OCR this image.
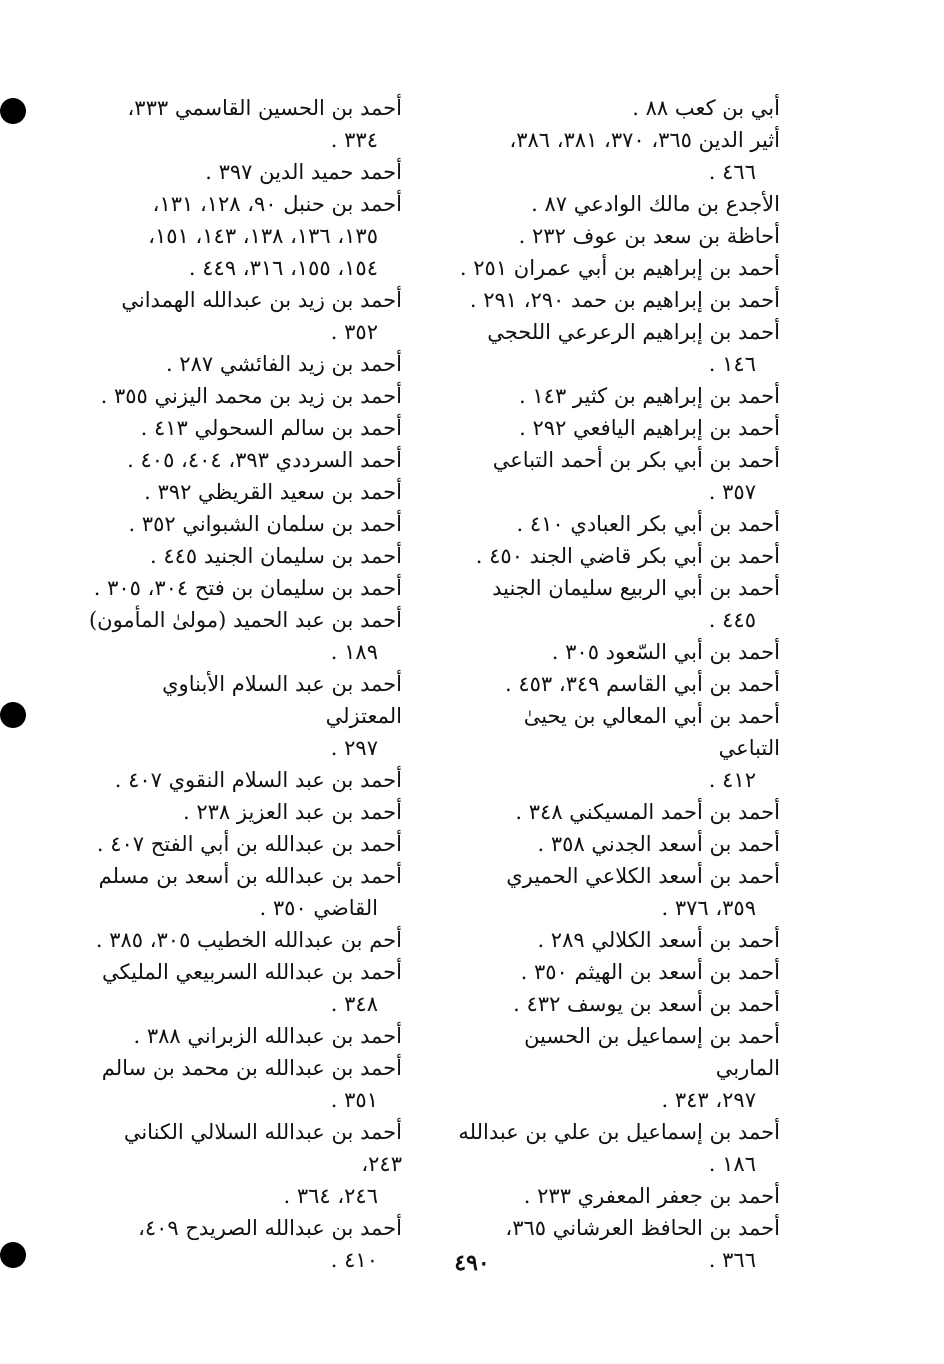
أبي بن كعب ٨٨ .
أثير الدين ٣٦٥، ٣٧٠، ٣٨١، ٣٨٦،
٤٦٦ .
الأجدع بن مالك الوادعي ٨٧ .
أحاظة بن سعد بن عوف ٢٣٢ .
أحمد بن إبراهيم بن أبي عمران ٢٥١ .
أحمد بن إبراهيم بن حمد ٢٩٠، ٢٩١ .
أحمد بن إبراهيم الرعرعي اللحجي
١٤٦ .
أحمد بن إبراهيم بن كثير ١٤٣ .
أحمد بن إبراهيم اليافعي ٢٩٢ .
أحمد بن أبي بكر بن أحمد التباعي
٣٥٧ .
أحمد بن أبي بكر العبادي ٤١٠ .
أحمد بن أبي بكر قاضي الجند ٤٥٠ .
أحمد بن أبي الربيع سليمان الجنيد
٤٤٥ .
أحمد بن أبي السّعود ٣٠٥ .
أحمد بن أبي القاسم ٣٤٩، ٤٥٣ .
أحمد بن أبي المعالي بن يحيىٰ التباعي
٤١٢ .
أحمد بن أحمد المسيكني ٣٤٨ .
أحمد بن أسعد الجدني ٣٥٨ .
أحمد بن أسعد الكلاعي الحميري
٣٥٩، ٣٧٦ .
أحمد بن أسعد الكلالي ٢٨٩ .
أحمد بن أسعد بن الهيثم ٣٥٠ .
أحمد بن أسعد بن يوسف ٤٣٢ .
أحمد بن إسماعيل بن الحسين الماربي
٢٩٧، ٣٤٣ .
أحمد بن إسماعيل بن علي بن عبدالله
١٨٦ .
أحمد بن جعفر المعفري ٢٣٣ .
أحمد بن الحافظ العرشاني ٣٦٥،
٣٦٦ .
أحمد بن الحسين القاسمي ٣٣٣،
٣٣٤ .
أحمد حميد الدين ٣٩٧ .
أحمد بن حنبل ٩٠، ١٢٨، ١٣١،
١٣٥، ١٣٦، ١٣٨، ١٤٣، ١٥١،
١٥٤، ١٥٥، ٣١٦، ٤٤٩ .
أحمد بن زيد بن عبدالله الهمداني
٣٥٢ .
أحمد بن زيد الفائشي ٢٨٧ .
أحمد بن زيد بن محمد اليزني ٣٥٥ .
أحمد بن سالم السحولي ٤١٣ .
أحمد السرددي ٣٩٣، ٤٠٤، ٤٠٥ .
أحمد بن سعيد القريظي ٣٩٢ .
أحمد بن سلمان الشبواني ٣٥٢ .
أحمد بن سليمان الجنيد ٤٤٥ .
أحمد بن سليمان بن فتح ٣٠٤، ٣٠٥ .
أحمد بن عبد الحميد (مولىٰ المأمون)
١٨٩ .
أحمد بن عبد السلام الأبناوي المعتزلي
٢٩٧ .
أحمد بن عبد السلام النقوي ٤٠٧ .
أحمد بن عبد العزيز ٢٣٨ .
أحمد بن عبدالله بن أبي الفتح ٤٠٧ .
أحمد بن عبدالله بن أسعد بن مسلم
القاضي ٣٥٠ .
أحم بن عبدالله الخطيب ٣٠٥، ٣٨٥ .
أحمد بن عبدالله السربيعي المليكي
٣٤٨ .
أحمد بن عبدالله الزبراني ٣٨٨ .
أحمد بن عبدالله بن محمد بن سالم
٣٥١ .
أحمد بن عبدالله السلالي الكناني ٢٤٣،
٢٤٦، ٣٦٤ .
أحمد بن عبدالله الصريدح ٤٠٩،
٤١٠ .	٤٩٠
